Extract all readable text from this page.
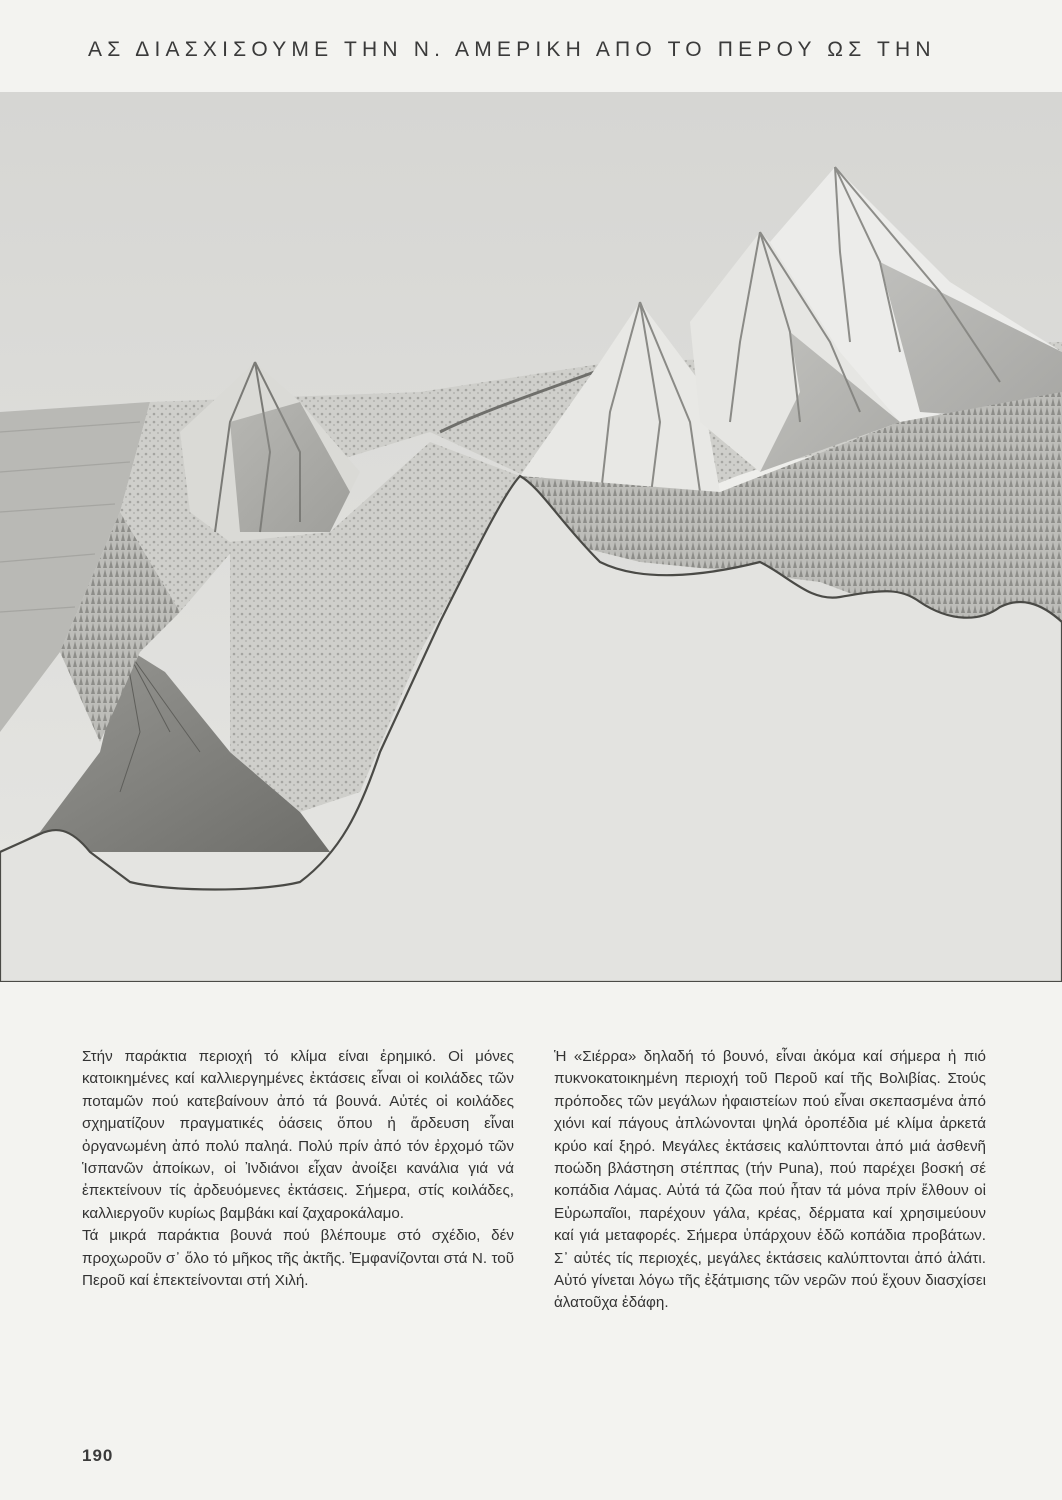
ΑΣ ΔΙΑΣΧΙΣΟΥΜΕ ΤΗΝ Ν. ΑΜΕΡΙΚΗ ΑΠΟ ΤΟ ΠΕΡΟΥ ΩΣ ΤΗΝ

Στήν παράκτια περιοχή τό κλίμα είναι ἐρημικό. Οἱ μόνες κατοικημένες καί καλλιεργημένες ἐκτάσεις εἶναι οἱ κοιλάδες τῶν ποταμῶν πού κατεβαίνουν ἀπό τά βουνά. Αὐτές οἱ κοιλάδες σχηματίζουν πραγματικές ὀάσεις ὅπου ἡ ἄρδευση εἶναι ὀργανωμένη ἀπό πολύ παληά. Πολύ πρίν ἀπό τόν ἐρχομό τῶν Ἱσπανῶν ἀποίκων, οἱ Ἰνδιάνοι εἶχαν ἀνοίξει κανάλια γιά νά ἐπεκτείνουν τίς ἀρδευόμενες ἐκτάσεις. Σήμερα, στίς κοιλάδες, καλλιεργοῦν κυρίως βαμβάκι καί ζαχαροκάλαμο.

Τά μικρά παράκτια βουνά πού βλέπουμε στό σχέδιο, δέν προχωροῦν σ᾽ ὅλο τό μῆκος τῆς ἀκτῆς. Ἐμφανίζονται στά Ν. τοῦ Περοῦ καί ἐπεκτείνονται στή Χιλή.

Ἡ «Σιέρρα» δηλαδή τό βουνό, εἶναι ἀκόμα καί σήμερα ἡ πιό πυκνοκατοικημένη περιοχή τοῦ Περοῦ καί τῆς Βολιβίας. Στούς πρόποδες τῶν μεγάλων ἡφαιστείων πού εἶναι σκεπασμένα ἀπό χιόνι καί πάγους ἁπλώνονται ψηλά ὀροπέδια μέ κλίμα ἀρκετά κρύο καί ξηρό. Μεγάλες ἐκτάσεις καλύπτονται ἀπό μιά ἀσθενῆ ποώδη βλάστηση στέππας (τήν Puna), πού παρέχει βοσκή σέ κοπάδια Λάμας. Αὐτά τά ζῶα πού ἦταν τά μόνα πρίν ἔλθουν οἱ Εὐρωπαῖοι, παρέχουν γάλα, κρέας, δέρματα καί χρησιμεύουν καί γιά μεταφορές. Σήμερα ὑπάρχουν ἐδῶ κοπάδια προβάτων. Σ᾽ αὐτές τίς περιοχές, μεγάλες ἐκτάσεις καλύπτονται ἀπό ἁλάτι. Αὐτό γίνεται λόγω τῆς ἐξάτμισης τῶν νερῶν πού ἔχουν διασχίσει ἁλατοῦχα ἐδάφη.

190
